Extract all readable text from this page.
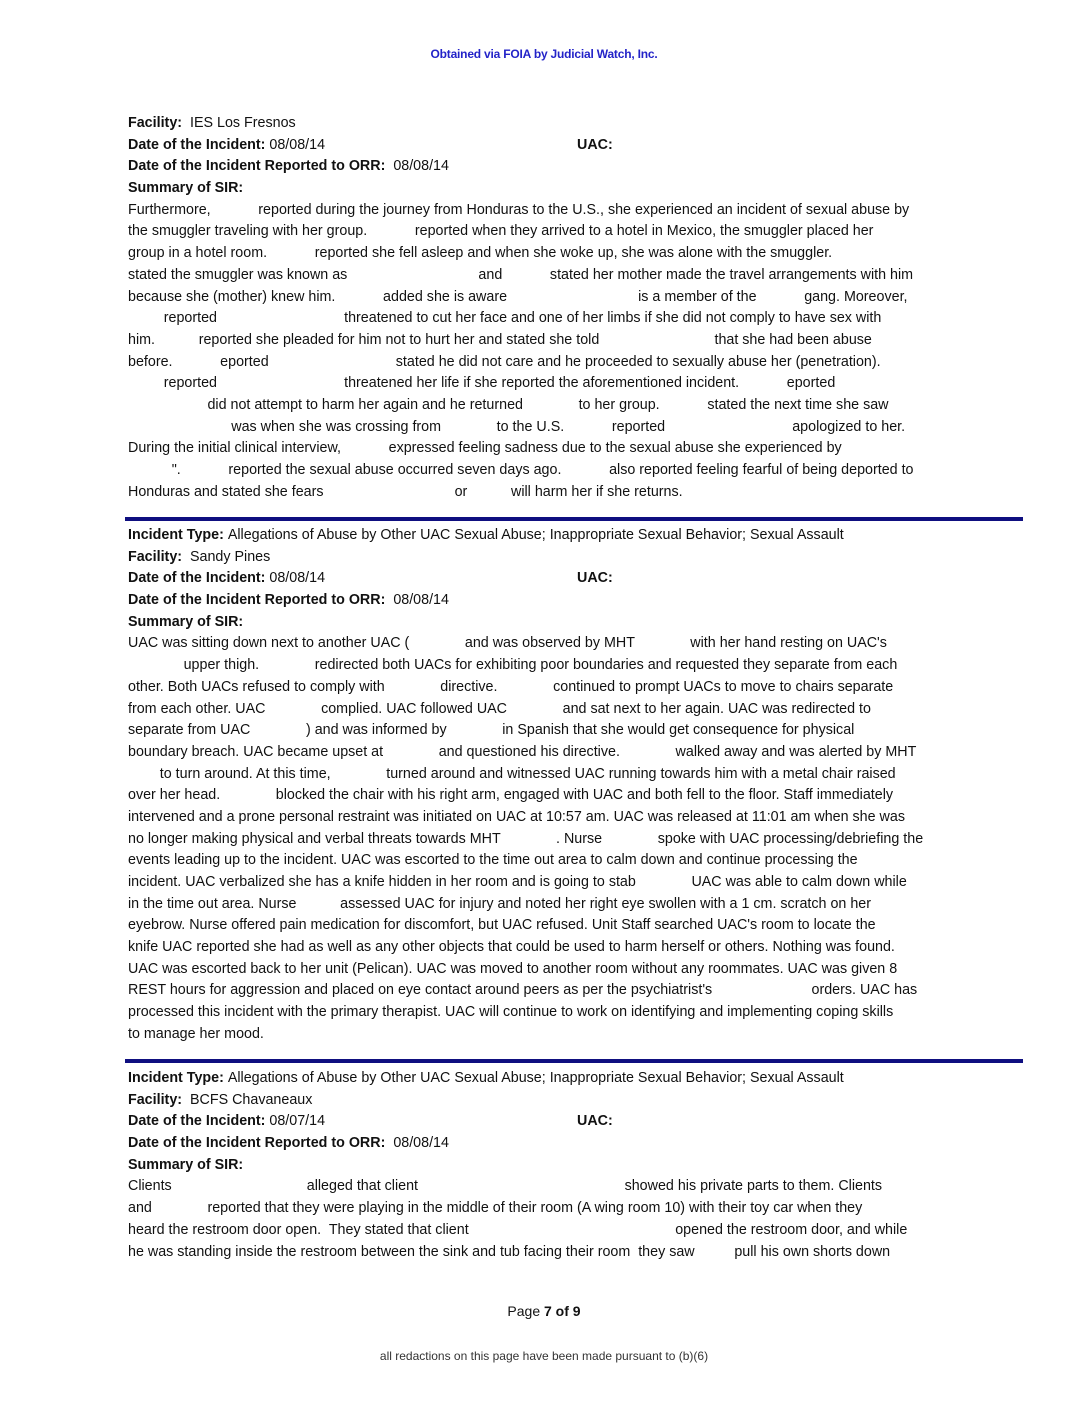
Obtained via FOIA by Judicial Watch, Inc.
Facility: IES Los Fresnos
Date of the Incident: 08/08/14	UAC:
Date of the Incident Reported to ORR: 08/08/14
Summary of SIR:
Furthermore,            reported during the journey from Honduras to the U.S., she experienced an incident of sexual abuse by
the smuggler traveling with her group.            reported when they arrived to a hotel in Mexico, the smuggler placed her
group in a hotel room.            reported she fell asleep and when she woke up, she was alone with the smuggler.
stated the smuggler was known as                                 and            stated her mother made the travel arrangements with him
because she (mother) knew him.            added she is aware                                 is a member of the            gang. Moreover,
reported                                threatened to cut her face and one of her limbs if she did not comply to have sex with
him.           reported she pleaded for him not to hurt her and stated she told                             that she had been abuse
before.            eported                                stated he did not care and he proceeded to sexually abuse her (penetration).
reported                                threatened her life if she reported the aforementioned incident.            eported
did not attempt to harm her again and he returned              to her group.            stated the next time she saw
was when she was crossing from              to the U.S.            reported                                apologized to her.
During the initial clinical interview,            expressed feeling sadness due to the sexual abuse she experienced by
".            reported the sexual abuse occurred seven days ago.            also reported feeling fearful of being deported to
Honduras and stated she fears                                 or           will harm her if she returns.
Incident Type: Allegations of Abuse by Other UAC Sexual Abuse; Inappropriate Sexual Behavior; Sexual Assault
Facility: Sandy Pines
Date of the Incident: 08/08/14	UAC:
Date of the Incident Reported to ORR: 08/08/14
Summary of SIR:
UAC was sitting down next to another UAC (              and was observed by MHT              with her hand resting on UAC's
upper thigh.              redirected both UACs for exhibiting poor boundaries and requested they separate from each
other. Both UACs refused to comply with              directive.              continued to prompt UACs to move to chairs separate
from each other. UAC              complied. UAC followed UAC              and sat next to her again. UAC was redirected to
separate from UAC              ) and was informed by              in Spanish that she would get consequence for physical
boundary breach. UAC became upset at              and questioned his directive.              walked away and was alerted by MHT
to turn around. At this time,              turned around and witnessed UAC running towards him with a metal chair raised
over her head.              blocked the chair with his right arm, engaged with UAC and both fell to the floor. Staff immediately
intervened and a prone personal restraint was initiated on UAC at 10:57 am. UAC was released at 11:01 am when she was
no longer making physical and verbal threats towards MHT              . Nurse              spoke with UAC processing/debriefing the
events leading up to the incident. UAC was escorted to the time out area to calm down and continue processing the
incident. UAC verbalized she has a knife hidden in her room and is going to stab              UAC was able to calm down while
in the time out area. Nurse           assessed UAC for injury and noted her right eye swollen with a 1 cm. scratch on her
eyebrow. Nurse offered pain medication for discomfort, but UAC refused. Unit Staff searched UAC's room to locate the
knife UAC reported she had as well as any other objects that could be used to harm herself or others. Nothing was found.
UAC was escorted back to her unit (Pelican). UAC was moved to another room without any roommates. UAC was given 8
REST hours for aggression and placed on eye contact around peers as per the psychiatrist's                         orders. UAC has
processed this incident with the primary therapist. UAC will continue to work on identifying and implementing coping skills
to manage her mood.
Incident Type: Allegations of Abuse by Other UAC Sexual Abuse; Inappropriate Sexual Behavior; Sexual Assault
Facility: BCFS Chavaneaux
Date of the Incident: 08/07/14	UAC:
Date of the Incident Reported to ORR: 08/08/14
Summary of SIR:
Clients                                  alleged that client                                                    showed his private parts to them. Clients
and              reported that they were playing in the middle of their room (A wing room 10) with their toy car when they
heard the restroom door open.  They stated that client                                                    opened the restroom door, and while
he was standing inside the restroom between the sink and tub facing their room  they saw          pull his own shorts down
Page 7 of 9
all redactions on this page have been made pursuant to (b)(6)
